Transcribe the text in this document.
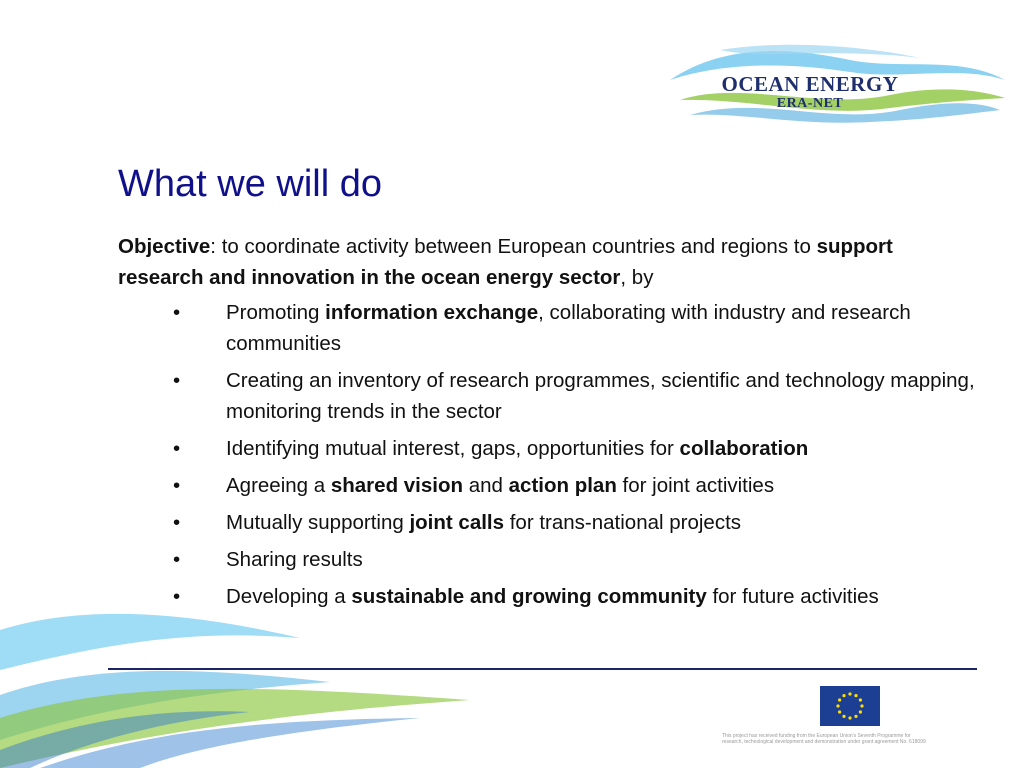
OCEAN ENERGY
ERA-NET
What we will do

Objective: to coordinate activity between European countries and regions to support research and innovation in the ocean energy sector, by

• Promoting information exchange, collaborating with industry and research communities
• Creating an inventory of research programmes, scientific and technology mapping, monitoring trends in the sector
• Identifying mutual interest, gaps, opportunities for collaboration
• Agreeing a shared vision and action plan for joint activities
• Mutually supporting joint calls for trans-national projects
• Sharing results
• Developing a sustainable and growing community for future activities
This project has received funding from the European Union's Seventh Programme for
research, technological development and demonstration under grant agreement No. 618099
